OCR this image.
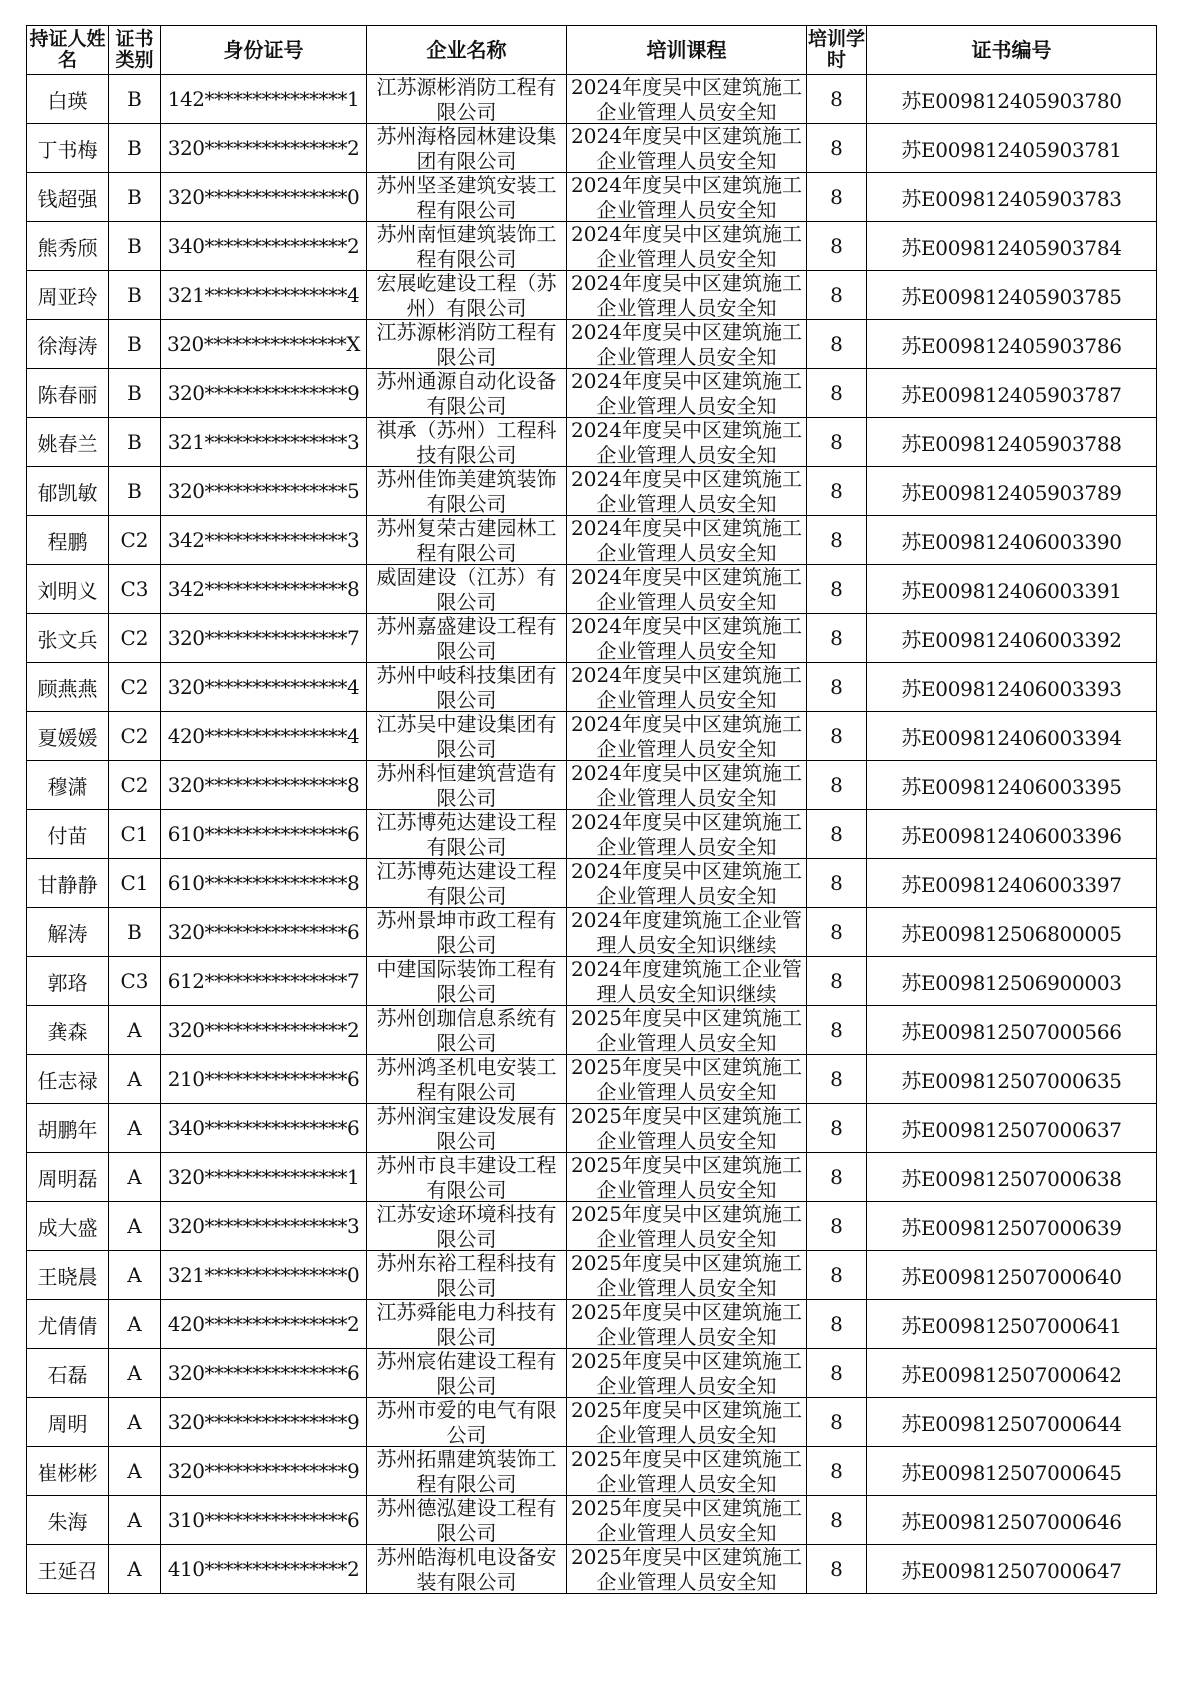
持证人姓名	证书类别	身份证号	企业名称	培训课程	培训学时	证书编号
白瑛	B	142***************1	江苏源彬消防工程有限公司	2024年度吴中区建筑施工企业管理人员安全知	8	苏E009812405903780
丁书梅	B	320***************2	苏州海格园林建设集团有限公司	2024年度吴中区建筑施工企业管理人员安全知	8	苏E009812405903781
钱超强	B	320***************0	苏州坚圣建筑安装工程有限公司	2024年度吴中区建筑施工企业管理人员安全知	8	苏E009812405903783
熊秀颀	B	340***************2	苏州南恒建筑装饰工程有限公司	2024年度吴中区建筑施工企业管理人员安全知	8	苏E009812405903784
周亚玲	B	321***************4	宏展屹建设工程（苏州）有限公司	2024年度吴中区建筑施工企业管理人员安全知	8	苏E009812405903785
徐海涛	B	320***************X	江苏源彬消防工程有限公司	2024年度吴中区建筑施工企业管理人员安全知	8	苏E009812405903786
陈春丽	B	320***************9	苏州通源自动化设备有限公司	2024年度吴中区建筑施工企业管理人员安全知	8	苏E009812405903787
姚春兰	B	321***************3	祺承（苏州）工程科技有限公司	2024年度吴中区建筑施工企业管理人员安全知	8	苏E009812405903788
郁凯敏	B	320***************5	苏州佳饰美建筑装饰有限公司	2024年度吴中区建筑施工企业管理人员安全知	8	苏E009812405903789
程鹏	C2	342***************3	苏州复荣古建园林工程有限公司	2024年度吴中区建筑施工企业管理人员安全知	8	苏E009812406003390
刘明义	C3	342***************8	威固建设（江苏）有限公司	2024年度吴中区建筑施工企业管理人员安全知	8	苏E009812406003391
张文兵	C2	320***************7	苏州嘉盛建设工程有限公司	2024年度吴中区建筑施工企业管理人员安全知	8	苏E009812406003392
顾燕燕	C2	320***************4	苏州中岐科技集团有限公司	2024年度吴中区建筑施工企业管理人员安全知	8	苏E009812406003393
夏媛媛	C2	420***************4	江苏吴中建设集团有限公司	2024年度吴中区建筑施工企业管理人员安全知	8	苏E009812406003394
穆潇	C2	320***************8	苏州科恒建筑营造有限公司	2024年度吴中区建筑施工企业管理人员安全知	8	苏E009812406003395
付苗	C1	610***************6	江苏博苑达建设工程有限公司	2024年度吴中区建筑施工企业管理人员安全知	8	苏E009812406003396
甘静静	C1	610***************8	江苏博苑达建设工程有限公司	2024年度吴中区建筑施工企业管理人员安全知	8	苏E009812406003397
解涛	B	320***************6	苏州景坤市政工程有限公司	2024年度建筑施工企业管理人员安全知识继续	8	苏E009812506800005
郭珞	C3	612***************7	中建国际装饰工程有限公司	2024年度建筑施工企业管理人员安全知识继续	8	苏E009812506900003
龚森	A	320***************2	苏州创珈信息系统有限公司	2025年度吴中区建筑施工企业管理人员安全知	8	苏E009812507000566
任志禄	A	210***************6	苏州鸿圣机电安装工程有限公司	2025年度吴中区建筑施工企业管理人员安全知	8	苏E009812507000635
胡鹏年	A	340***************6	苏州润宝建设发展有限公司	2025年度吴中区建筑施工企业管理人员安全知	8	苏E009812507000637
周明磊	A	320***************1	苏州市良丰建设工程有限公司	2025年度吴中区建筑施工企业管理人员安全知	8	苏E009812507000638
成大盛	A	320***************3	江苏安途环境科技有限公司	2025年度吴中区建筑施工企业管理人员安全知	8	苏E009812507000639
王晓晨	A	321***************0	苏州东裕工程科技有限公司	2025年度吴中区建筑施工企业管理人员安全知	8	苏E009812507000640
尤倩倩	A	420***************2	江苏舜能电力科技有限公司	2025年度吴中区建筑施工企业管理人员安全知	8	苏E009812507000641
石磊	A	320***************6	苏州宸佑建设工程有限公司	2025年度吴中区建筑施工企业管理人员安全知	8	苏E009812507000642
周明	A	320***************9	苏州市爱的电气有限公司	2025年度吴中区建筑施工企业管理人员安全知	8	苏E009812507000644
崔彬彬	A	320***************9	苏州拓鼎建筑装饰工程有限公司	2025年度吴中区建筑施工企业管理人员安全知	8	苏E009812507000645
朱海	A	310***************6	苏州德泓建设工程有限公司	2025年度吴中区建筑施工企业管理人员安全知	8	苏E009812507000646
王延召	A	410***************2	苏州皓海机电设备安装有限公司	2025年度吴中区建筑施工企业管理人员安全知	8	苏E009812507000647
